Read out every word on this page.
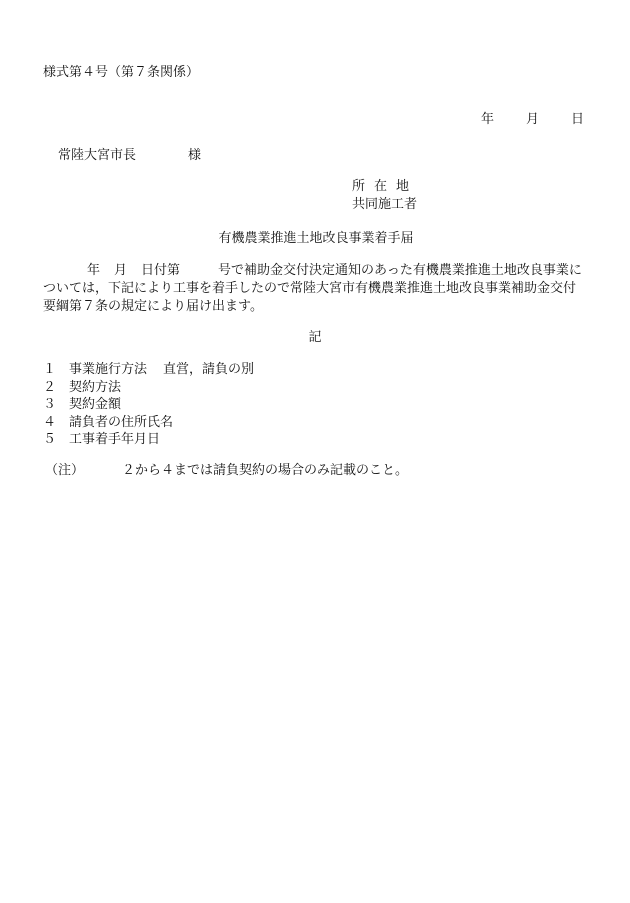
様式第４号（第７条関係）
年 月 日
常陸大宮市長	様
所在地
共同施工者
有機農業推進土地改良事業着手届
年 月 日付第	号で補助金交付決定通知のあった有機農業推進土地改良事業に
ついては，下記により工事を着手したので常陸大宮市有機農業推進土地改良事業補助金交付
要綱第７条の規定により届け出ます。
記
１ 事業施行方法 直営，請負の別
２ 契約方法
３ 契約金額
４ 請負者の住所氏名
５ 工事着手年月日
（注）	２から４までは請負契約の場合のみ記載のこと。
